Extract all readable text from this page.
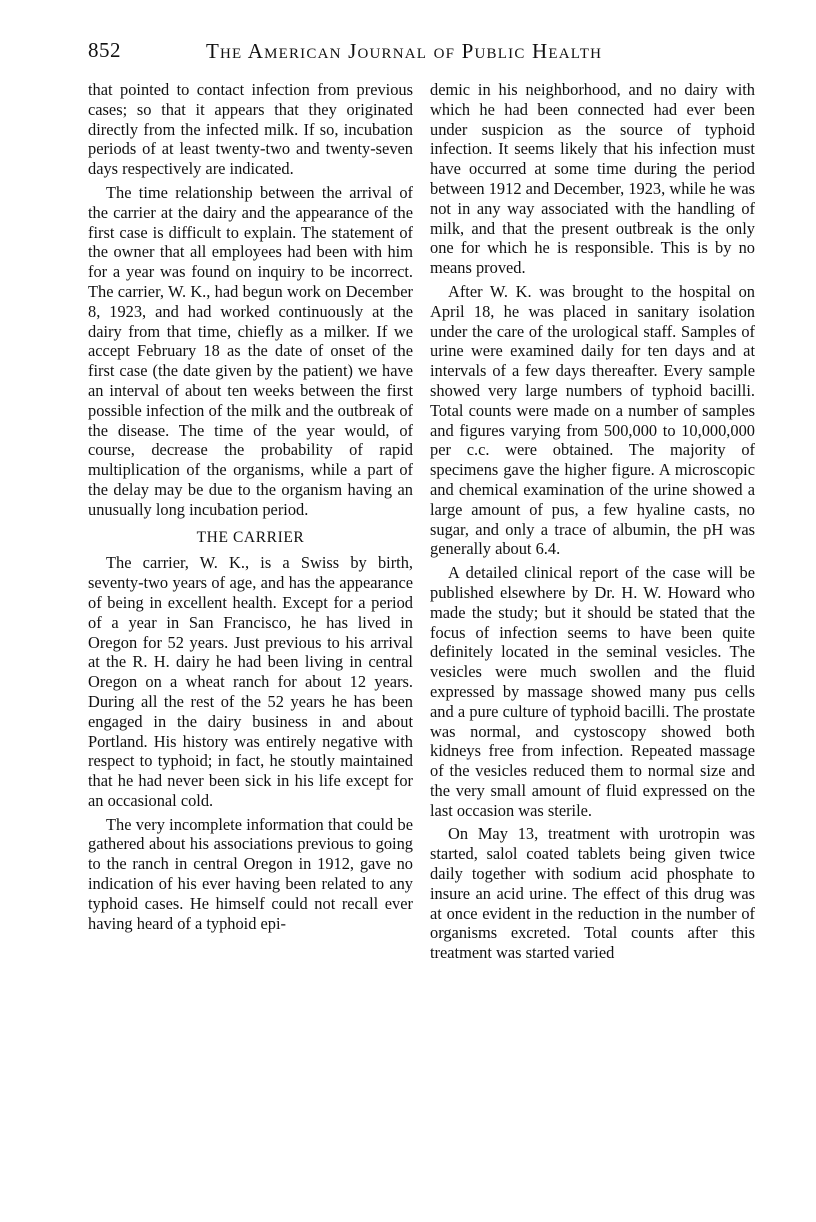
852	The American Journal of Public Health

that pointed to contact infection from previous cases; so that it appears that they originated directly from the infected milk. If so, incubation periods of at least twenty-two and twenty-seven days respectively are indicated.

The time relationship between the arrival of the carrier at the dairy and the appearance of the first case is difficult to explain. The statement of the owner that all employees had been with him for a year was found on inquiry to be incorrect. The carrier, W. K., had begun work on December 8, 1923, and had worked continuously at the dairy from that time, chiefly as a milker. If we accept February 18 as the date of onset of the first case (the date given by the patient) we have an interval of about ten weeks between the first possible infection of the milk and the outbreak of the disease. The time of the year would, of course, decrease the probability of rapid multiplication of the organisms, while a part of the delay may be due to the organism having an unusually long incubation period.

THE CARRIER

The carrier, W. K., is a Swiss by birth, seventy-two years of age, and has the appearance of being in excellent health. Except for a period of a year in San Francisco, he has lived in Oregon for 52 years. Just previous to his arrival at the R. H. dairy he had been living in central Oregon on a wheat ranch for about 12 years. During all the rest of the 52 years he has been engaged in the dairy business in and about Portland. His history was entirely negative with respect to typhoid; in fact, he stoutly maintained that he had never been sick in his life except for an occasional cold.

The very incomplete information that could be gathered about his associations previous to going to the ranch in central Oregon in 1912, gave no indication of his ever having been related to any typhoid cases. He himself could not recall ever having heard of a typhoid epi-

demic in his neighborhood, and no dairy with which he had been connected had ever been under suspicion as the source of typhoid infection. It seems likely that his infection must have occurred at some time during the period between 1912 and December, 1923, while he was not in any way associated with the handling of milk, and that the present outbreak is the only one for which he is responsible. This is by no means proved.

After W. K. was brought to the hospital on April 18, he was placed in sanitary isolation under the care of the urological staff. Samples of urine were examined daily for ten days and at intervals of a few days thereafter. Every sample showed very large numbers of typhoid bacilli. Total counts were made on a number of samples and figures varying from 500,000 to 10,000,000 per c.c. were obtained. The majority of specimens gave the higher figure. A microscopic and chemical examination of the urine showed a large amount of pus, a few hyaline casts, no sugar, and only a trace of albumin, the pH was generally about 6.4.

A detailed clinical report of the case will be published elsewhere by Dr. H. W. Howard who made the study; but it should be stated that the focus of infection seems to have been quite definitely located in the seminal vesicles. The vesicles were much swollen and the fluid expressed by massage showed many pus cells and a pure culture of typhoid bacilli. The prostate was normal, and cystoscopy showed both kidneys free from infection. Repeated massage of the vesicles reduced them to normal size and the very small amount of fluid expressed on the last occasion was sterile.

On May 13, treatment with urotropin was started, salol coated tablets being given twice daily together with sodium acid phosphate to insure an acid urine. The effect of this drug was at once evident in the reduction in the number of organisms excreted. Total counts after this treatment was started varied
